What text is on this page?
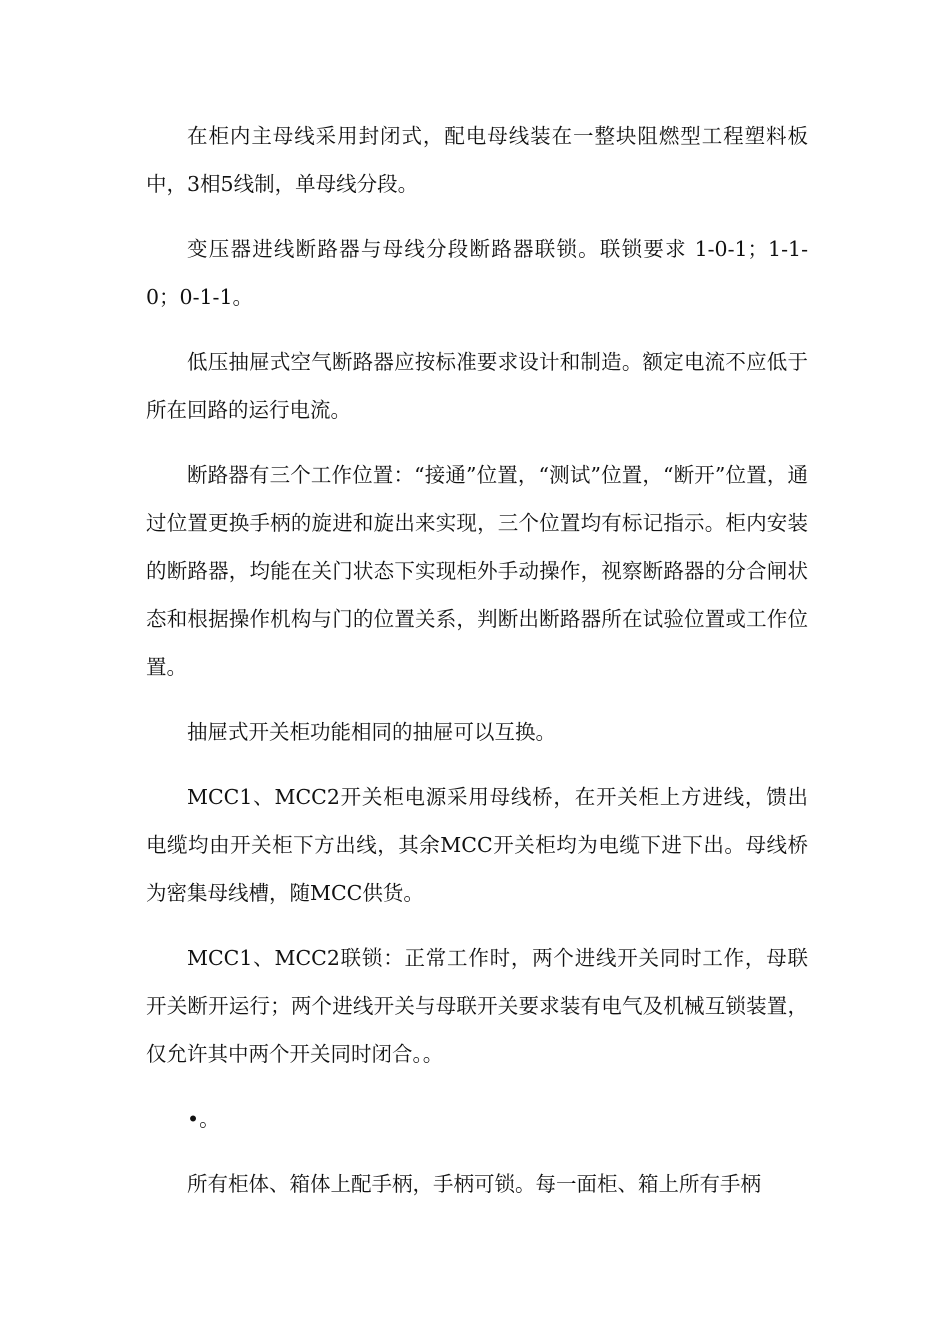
在柜内主母线采用封闭式，配电母线装在一整块阻燃型工程塑料板中，3相5线制，单母线分段。

变压器进线断路器与母线分段断路器联锁。联锁要求 1-0-1；1-1-0；0-1-1。

低压抽屉式空气断路器应按标准要求设计和制造。额定电流不应低于所在回路的运行电流。

断路器有三个工作位置：“接通”位置，“测试”位置，“断开”位置，通过位置更换手柄的旋进和旋出来实现，三个位置均有标记指示。柜内安装的断路器，均能在关门状态下实现柜外手动操作，视察断路器的分合闸状态和根据操作机构与门的位置关系，判断出断路器所在试验位置或工作位置。

抽屉式开关柜功能相同的抽屉可以互换。

MCC1、MCC2开关柜电源采用母线桥，在开关柜上方进线，馈出电缆均由开关柜下方出线，其余MCC开关柜均为电缆下进下出。母线桥为密集母线槽，随MCC供货。

MCC1、MCC2联锁：正常工作时，两个进线开关同时工作，母联开关断开运行；两个进线开关与母联开关要求装有电气及机械互锁装置，仅允许其中两个开关同时闭合。。

•。

所有柜体、箱体上配手柄，手柄可锁。每一面柜、箱上所有手柄
